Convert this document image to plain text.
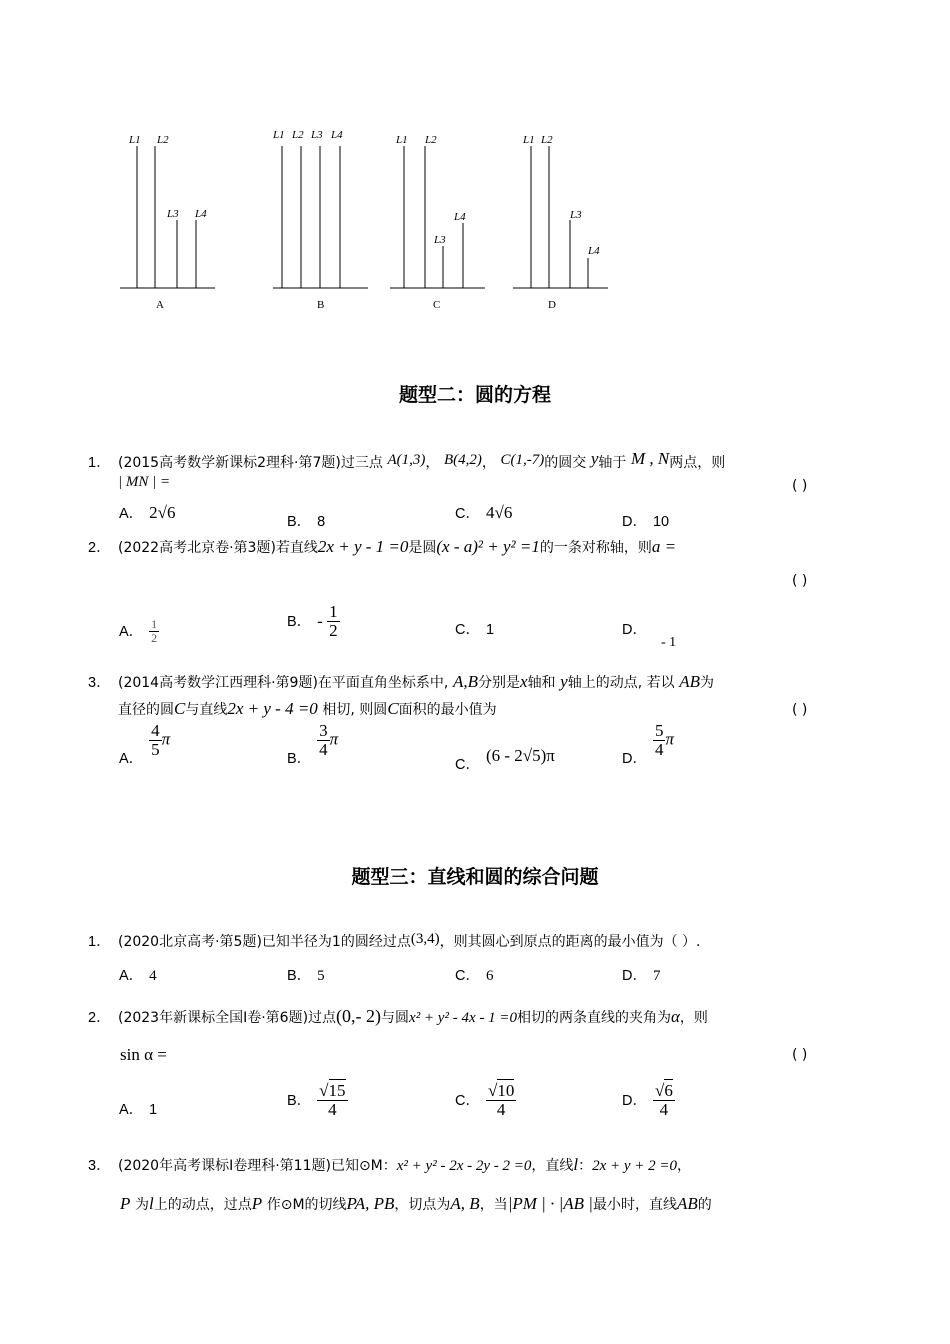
L1 L2
L3 L4
A
L1 L2 L3 L4
B
L1 L2
L3
L4
C
L1 L2
L3
L4
D
题型二：圆的方程
1． (2015高考数学新课标2理科·第7题)过三点 A(1,3)， B(4,2)， C(1,-7)的圆交 y轴于 M , N两点，则
| MN | =	( )
A． 2√6	B． 8	C． 4√6	D． 10
2． (2022高考北京卷·第3题)若直线2x + y - 1 =0是圆(x - a)² + y² =1的一条对称轴，则a =
( )
A． $\frac{1}{2}$	B． - $\frac{1}{2}$	C． 1	D．- 1
3． (2014高考数学江西理科·第9题)在平面直角坐标系中, A,B分别是x轴和 y轴上的动点, 若以 AB为
直径的圆C与直线2x + y - 4 =0 相切, 则圆C面积的最小值为	( )
A． $\frac{4}{5}$ π
B． $\frac{3}{4}$ π
C． (6 - 2√5)π	D． $\frac{5}{4}$ π
题型三：直线和圆的综合问题
1． (2020北京高考·第5题)已知半径为1的圆经过点(3,4)，则其圆心到原点的距离的最小值为（ ）.
A． 4	B． 5	C． 6	D． 7
2． (2023年新课标全国Ⅰ卷·第6题)过点(0,- 2)与圆x² + y² - 4x - 1 =0相切的两条直线的夹角为α，则
sin α =	( )
A． 1
B． $\frac{√15}{4}$	C． $\frac{√10}{4}$	D． $\frac{√6}{4}$
3． (2020年高考课标Ⅰ卷理科·第11题)已知⊙M：x² + y² - 2x - 2y - 2 =0，直线l：2x + y + 2 =0，
P 为l上的动点，过点P 作⊙M的切线PA, PB，切点为A, B，当|PM | · |AB |最小时，直线AB的
